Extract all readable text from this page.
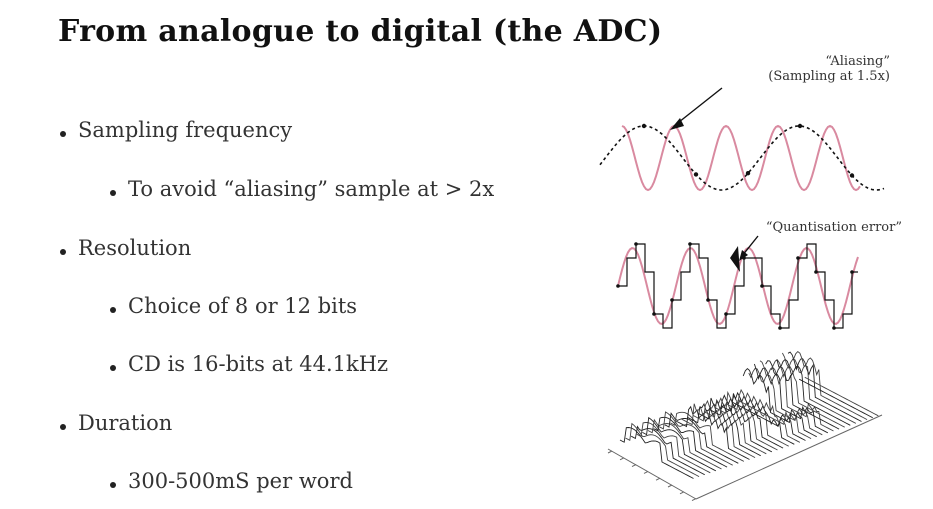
From analogue to digital (the ADC)
Sampling frequency
To avoid “aliasing” sample at > 2x
Resolution
Choice of 8 or 12 bits
CD is 16-bits at 44.1kHz
Duration
300-500mS per word
“Aliasing”
(Sampling at 1.5x)
“Quantisation error”
